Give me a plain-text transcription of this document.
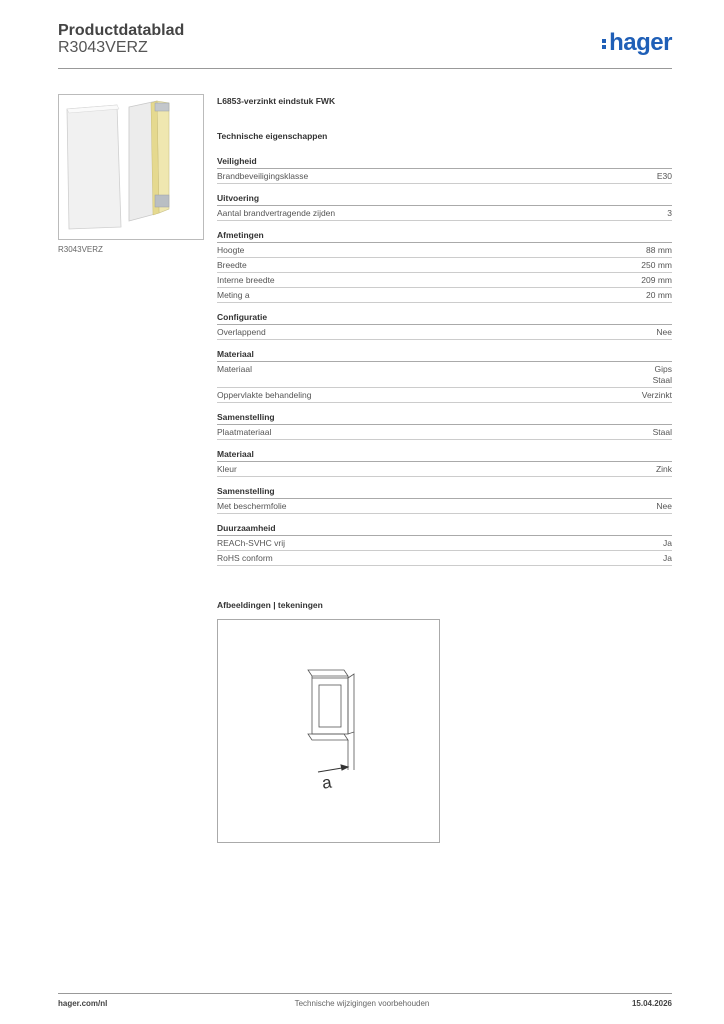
Productdatablad
R3043VERZ	hager
R3043VERZ
L6853-verzinkt eindstuk FWK
Technische eigenschappen
Veiligheid
Brandbeveiligingsklasse	E30
Uitvoering
Aantal brandvertragende zijden	3
Afmetingen
Hoogte	88 mm
Breedte	250 mm
Interne breedte	209 mm
Meting a	20 mm
Configuratie
Overlappend	Nee
Materiaal
Materiaal	Gips
Staal
Oppervlakte behandeling	Verzinkt
Samenstelling
Plaatmateriaal	Staal
Materiaal
Kleur	Zink
Samenstelling
Met beschermfolie	Nee
Duurzaamheid
REACh-SVHC vrij	Ja
RoHS conform	Ja
Afbeeldingen | tekeningen
a
hager.com/nl	Technische wijzigingen voorbehouden	15.04.2026
